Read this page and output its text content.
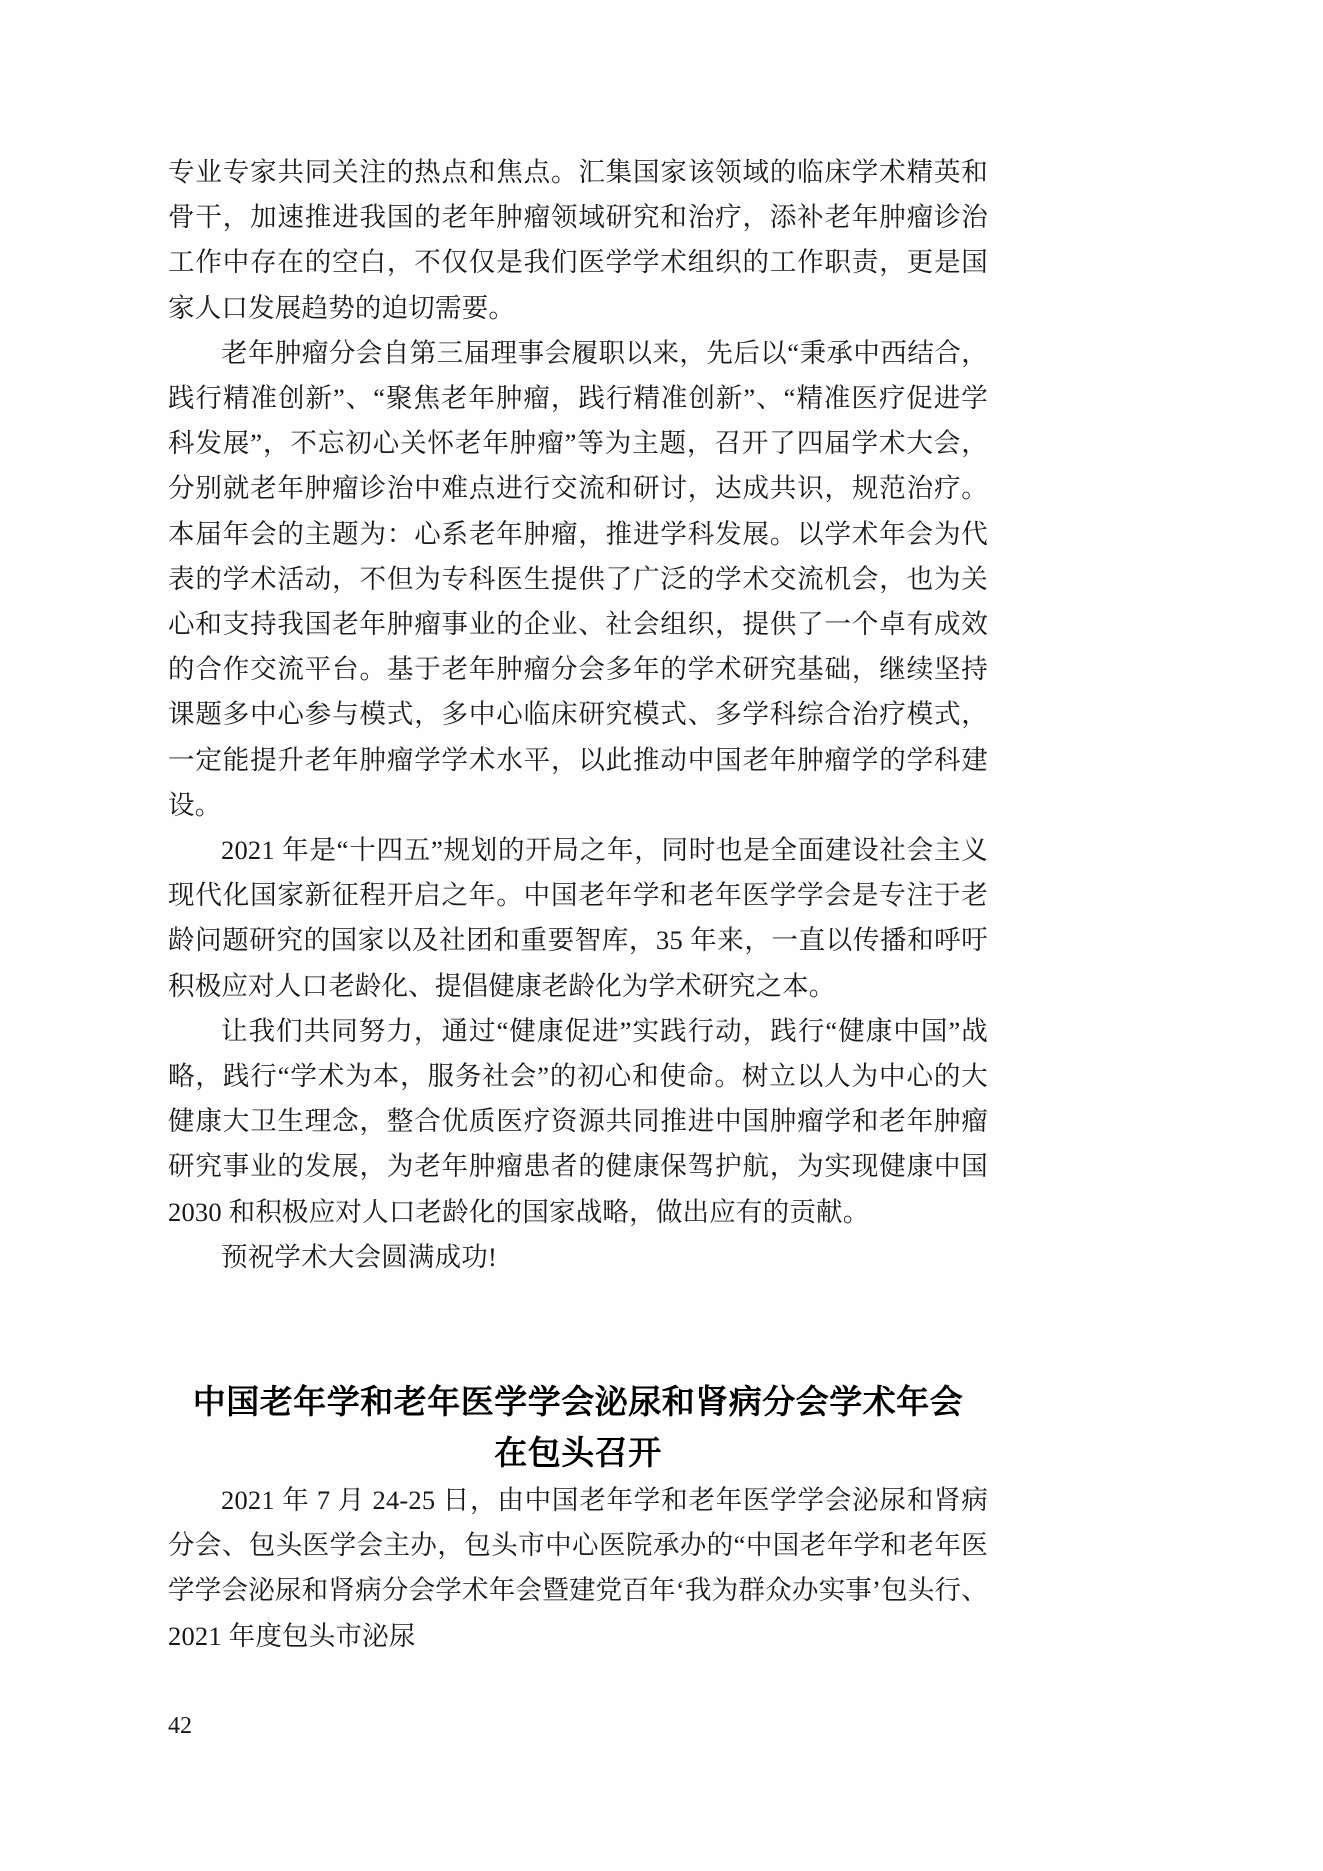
专业专家共同关注的热点和焦点。汇集国家该领域的临床学术精英和骨干，加速推进我国的老年肿瘤领域研究和治疗，添补老年肿瘤诊治工作中存在的空白，不仅仅是我们医学学术组织的工作职责，更是国家人口发展趋势的迫切需要。

老年肿瘤分会自第三届理事会履职以来，先后以“秉承中西结合，践行精准创新”、“聚焦老年肿瘤，践行精准创新”、“精准医疗促进学科发展”，不忘初心关怀老年肿瘤”等为主题，召开了四届学术大会，分别就老年肿瘤诊治中难点进行交流和研讨，达成共识，规范治疗。本届年会的主题为：心系老年肿瘤，推进学科发展。以学术年会为代表的学术活动，不但为专科医生提供了广泛的学术交流机会，也为关心和支持我国老年肿瘤事业的企业、社会组织，提供了一个卓有成效的合作交流平台。基于老年肿瘤分会多年的学术研究基础，继续坚持课题多中心参与模式，多中心临床研究模式、多学科综合治疗模式，一定能提升老年肿瘤学学术水平，以此推动中国老年肿瘤学的学科建设。

2021 年是“十四五”规划的开局之年，同时也是全面建设社会主义现代化国家新征程开启之年。中国老年学和老年医学学会是专注于老龄问题研究的国家以及社团和重要智库，35 年来，一直以传播和呼吁积极应对人口老龄化、提倡健康老龄化为学术研究之本。

让我们共同努力，通过“健康促进”实践行动，践行“健康中国”战略，践行“学术为本，服务社会”的初心和使命。树立以人为中心的大健康大卫生理念，整合优质医疗资源共同推进中国肿瘤学和老年肿瘤研究事业的发展，为老年肿瘤患者的健康保驾护航，为实现健康中国 2030 和积极应对人口老龄化的国家战略，做出应有的贡献。

预祝学术大会圆满成功!

中国老年学和老年医学学会泌尿和肾病分会学术年会
在包头召开

2021 年 7 月 24-25 日，由中国老年学和老年医学学会泌尿和肾病分会、包头医学会主办，包头市中心医院承办的“中国老年学和老年医学学会泌尿和肾病分会学术年会暨建党百年‘我为群众办实事’包头行、 2021 年度包头市泌尿

42
